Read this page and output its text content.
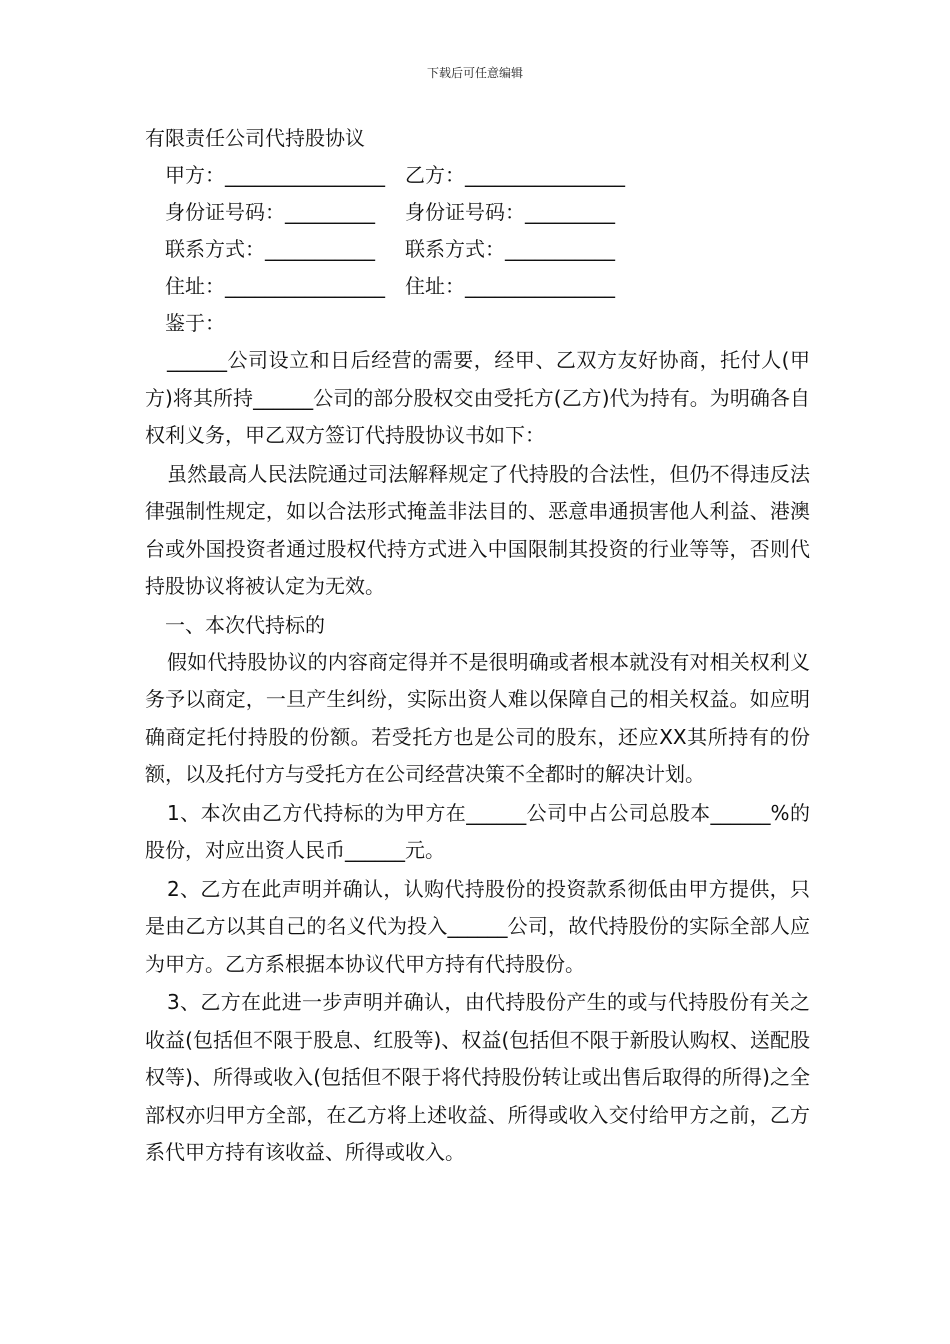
下载后可任意编辑
有限责任公司代持股协议
甲方：________________ 乙方：________________
身份证号码：_________ 身份证号码：_________
联系方式：___________ 联系方式：___________
住址：________________ 住址：_______________
鉴于：

______公司设立和日后经营的需要，经甲、乙双方友好协商，托付人(甲方)将其所持______公司的部分股权交由受托方(乙方)代为持有。为明确各自权利义务，甲乙双方签订代持股协议书如下：

虽然最高人民法院通过司法解释规定了代持股的合法性，但仍不得违反法律强制性规定，如以合法形式掩盖非法目的、恶意串通损害他人利益、港澳台或外国投资者通过股权代持方式进入中国限制其投资的行业等等，否则代持股协议将被认定为无效。

一、本次代持标的

假如代持股协议的内容商定得并不是很明确或者根本就没有对相关权利义务予以商定，一旦产生纠纷，实际出资人难以保障自己的相关权益。如应明确商定托付持股的份额。若受托方也是公司的股东，还应XX其所持有的份额，以及托付方与受托方在公司经营决策不全都时的解决计划。

1、本次由乙方代持标的为甲方在______公司中占公司总股本______%的股份，对应出资人民币______元。

2、乙方在此声明并确认，认购代持股份的投资款系彻低由甲方提供，只是由乙方以其自己的名义代为投入______公司，故代持股份的实际全部人应为甲方。乙方系根据本协议代甲方持有代持股份。

3、乙方在此进一步声明并确认，由代持股份产生的或与代持股份有关之收益(包括但不限于股息、红股等)、权益(包括但不限于新股认购权、送配股权等)、所得或收入(包括但不限于将代持股份转让或出售后取得的所得)之全部权亦归甲方全部，在乙方将上述收益、所得或收入交付给甲方之前，乙方系代甲方持有该收益、所得或收入。
